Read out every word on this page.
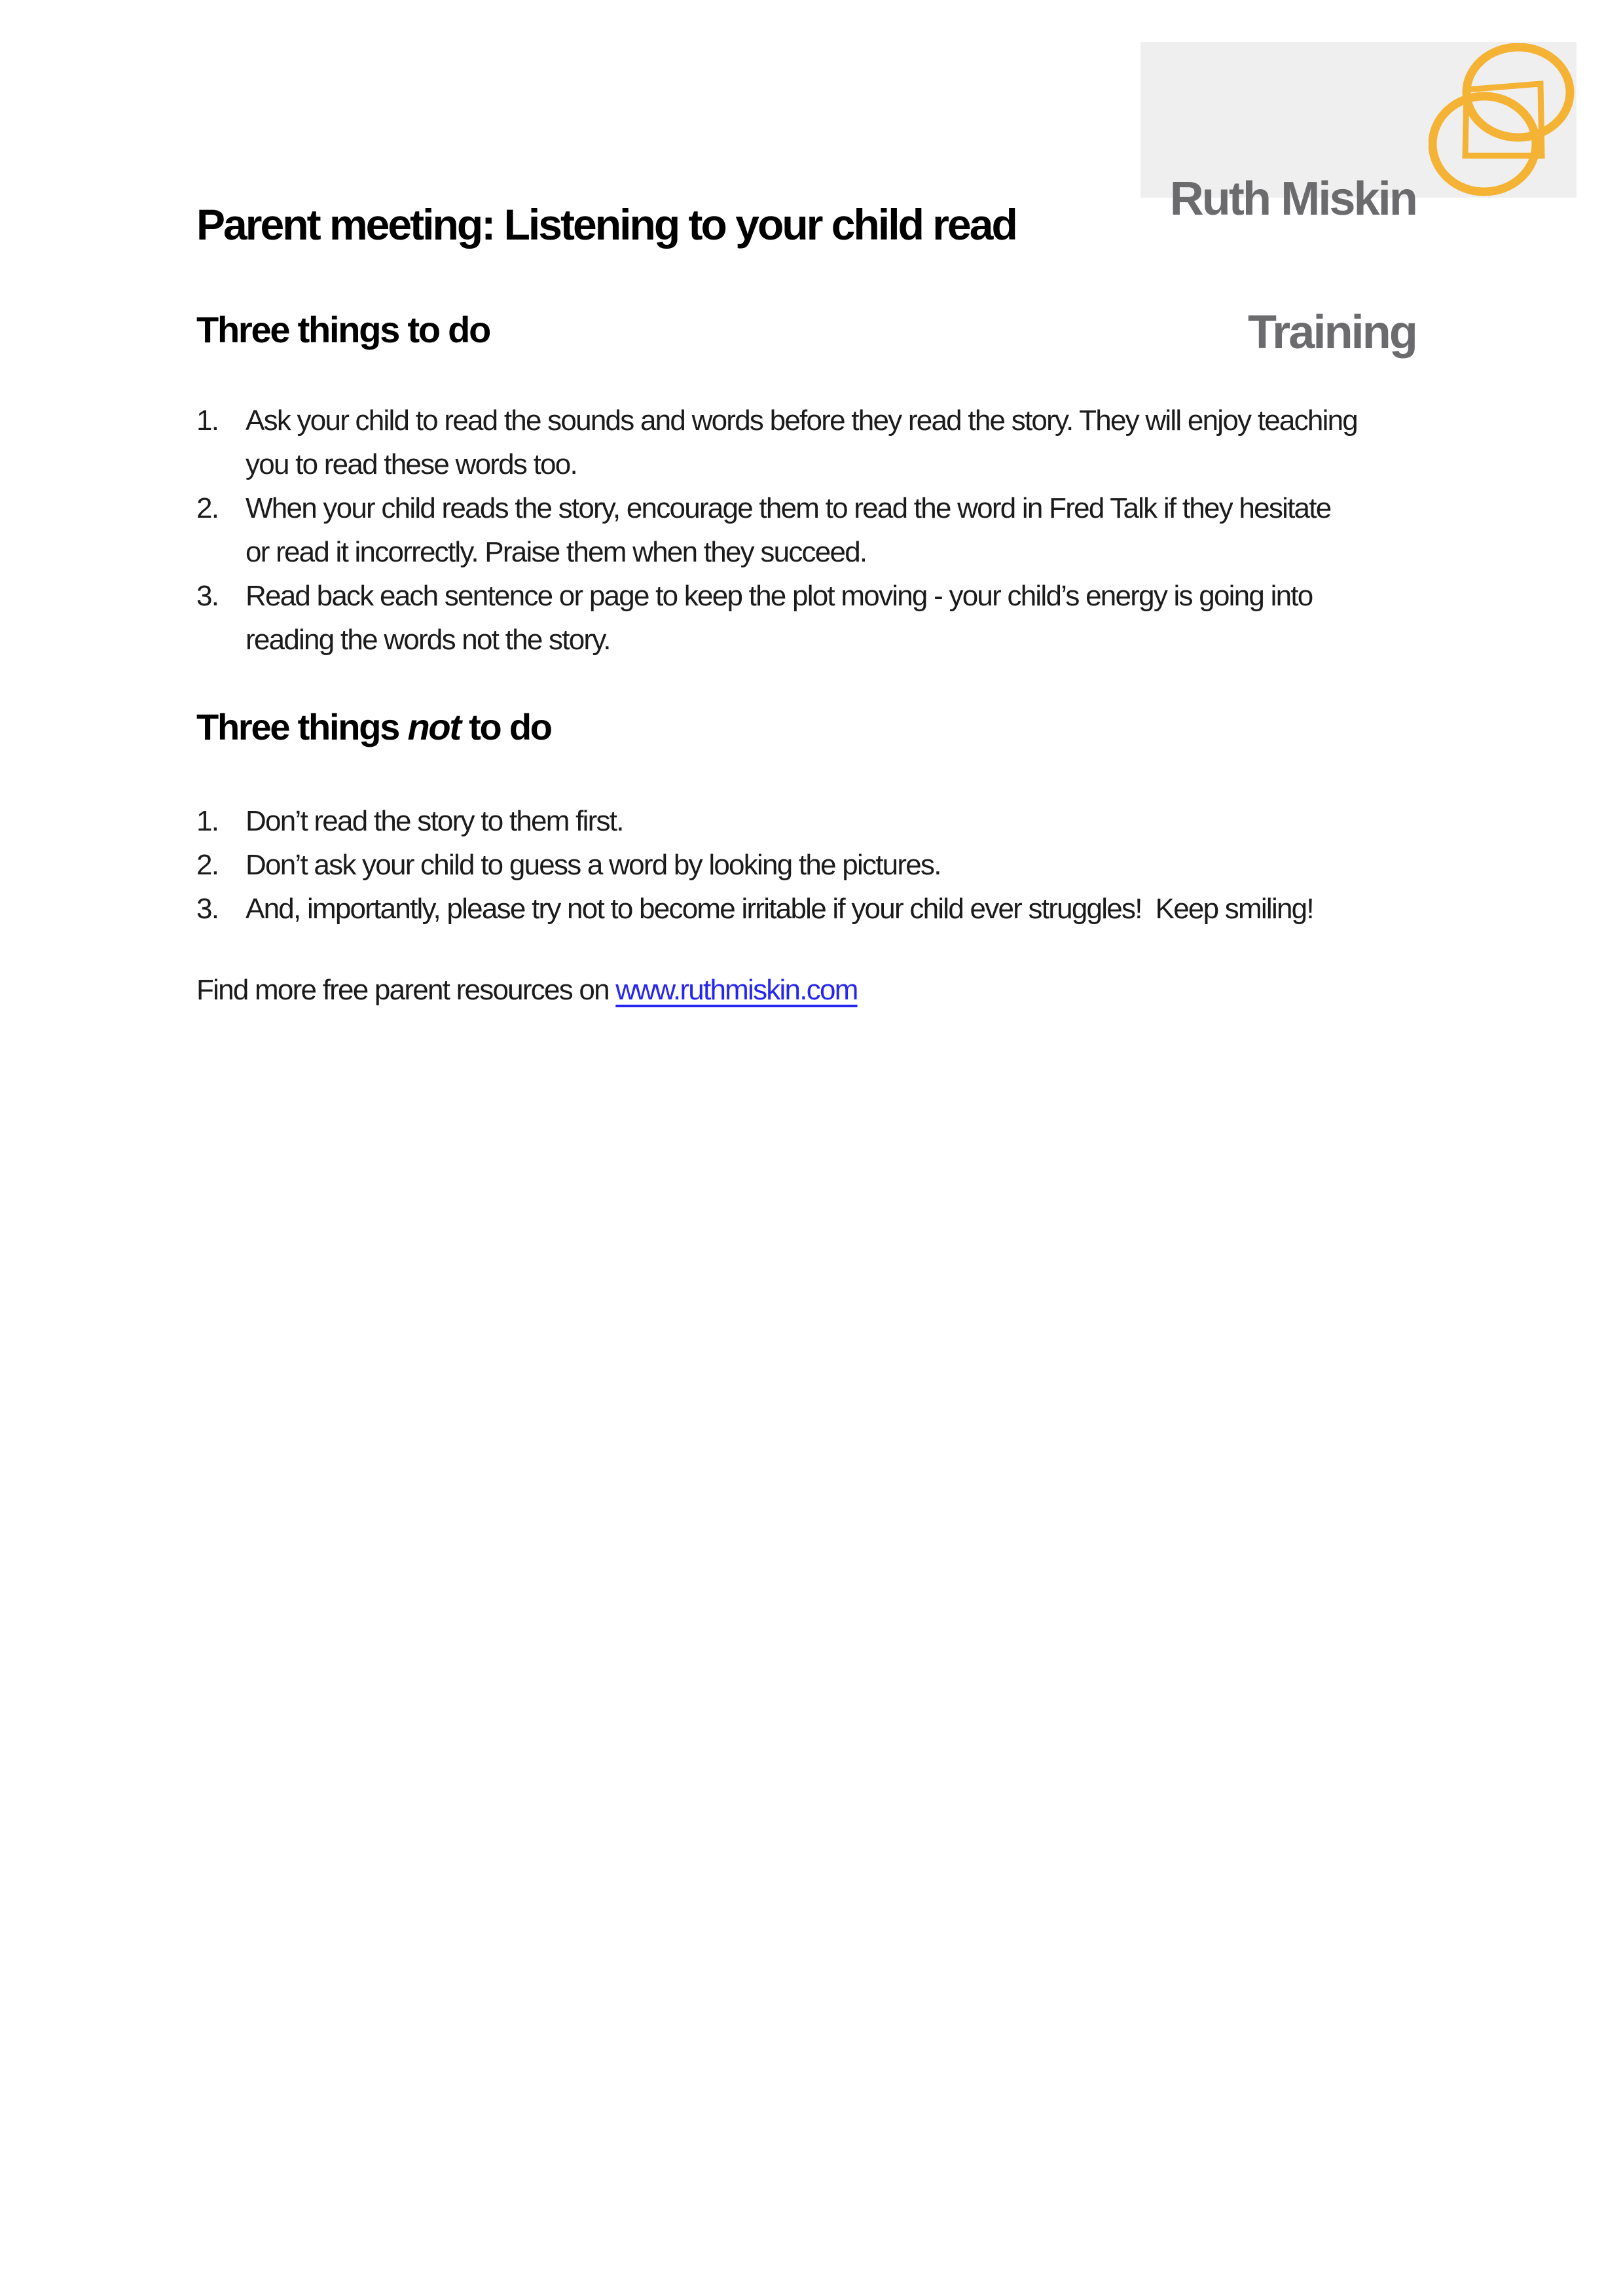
Ruth Miskin

Training

Parent meeting: Listening to your child read
Three things to do
1. Ask your child to read the sounds and words before they read the story. They will enjoy teaching
you to read these words too.
2. When your child reads the story, encourage them to read the word in Fred Talk if they hesitate
or read it incorrectly. Praise them when they succeed.
3. Read back each sentence or page to keep the plot moving - your child’s energy is going into
reading the words not the story.
Three things not to do
1. Don’t read the story to them first.
2. Don’t ask your child to guess a word by looking the pictures.
3. And, importantly, please try not to become irritable if your child ever struggles!  Keep smiling!

Find more free parent resources on www.ruthmiskin.com
